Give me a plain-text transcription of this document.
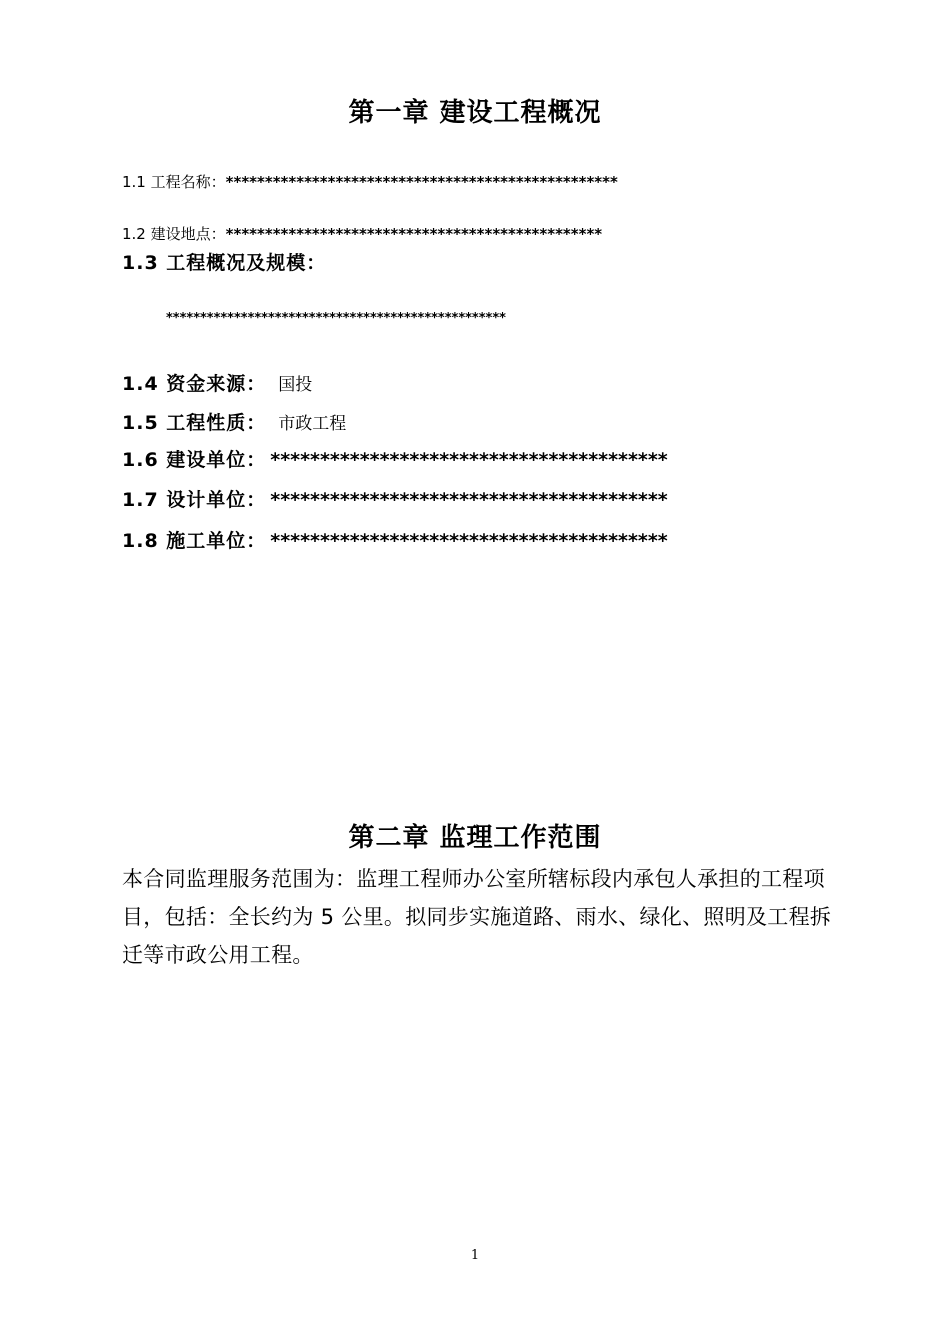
第一章 建设工程概况
1.1 工程名称：**************************************************
1.2 建设地点：************************************************
1.3 工程概况及规模：
**************************************************
1.4 资金来源： 国投
1.5 工程性质： 市政工程
1.6 建设单位： ****************************************
1.7 设计单位： ****************************************
1.8 施工单位： ****************************************
第二章 监理工作范围
本合同监理服务范围为：监理工程师办公室所辖标段内承包人承担的工程项目，包括：全长约为 5 公里。拟同步实施道路、雨水、绿化、照明及工程拆迁等市政公用工程。
1
